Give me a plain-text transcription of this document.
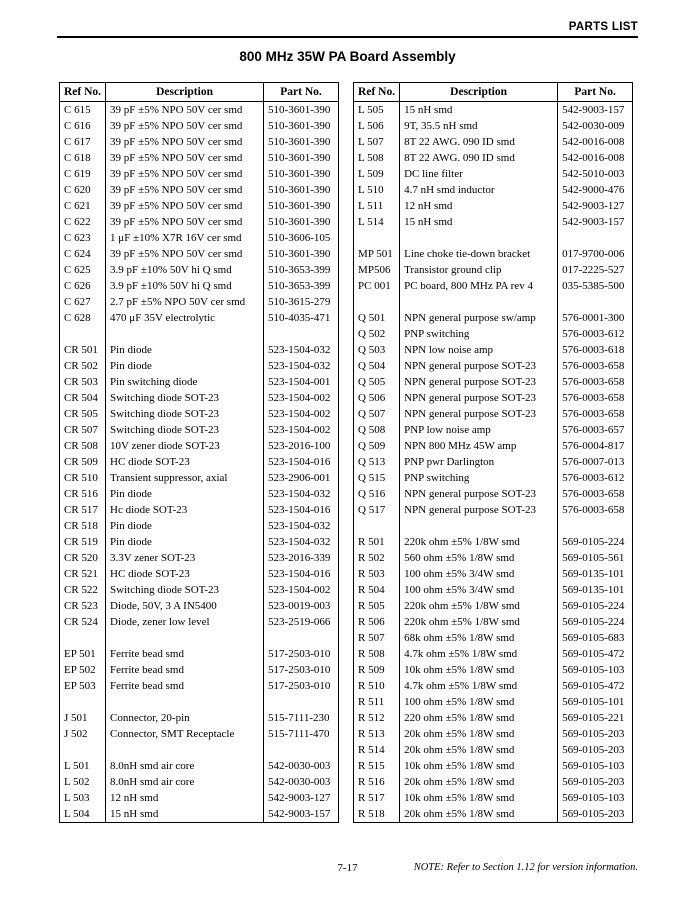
PARTS LIST
800 MHz 35W PA Board Assembly
Ref No.	Description	Part No.
C 615	39 pF ±5% NPO 50V cer smd	510-3601-390
C 616	39 pF ±5% NPO 50V cer smd	510-3601-390
C 617	39 pF ±5% NPO 50V cer smd	510-3601-390
C 618	39 pF ±5% NPO 50V cer smd	510-3601-390
C 619	39 pF ±5% NPO 50V cer smd	510-3601-390
C 620	39 pF ±5% NPO 50V cer smd	510-3601-390
C 621	39 pF ±5% NPO 50V cer smd	510-3601-390
C 622	39 pF ±5% NPO 50V cer smd	510-3601-390
C 623	1 μF ±10% X7R 16V cer smd	510-3606-105
C 624	39 pF ±5% NPO 50V cer smd	510-3601-390
C 625	3.9 pF ±10% 50V hi Q smd	510-3653-399
C 626	3.9 pF ±10% 50V hi Q smd	510-3653-399
C 627	2.7 pF ±5% NPO 50V cer smd	510-3615-279
C 628	470 μF 35V electrolytic	510-4035-471

CR 501	Pin diode	523-1504-032
CR 502	Pin diode	523-1504-032
CR 503	Pin switching diode	523-1504-001
CR 504	Switching diode SOT-23	523-1504-002
CR 505	Switching diode SOT-23	523-1504-002
CR 507	Switching diode SOT-23	523-1504-002
CR 508	10V zener diode SOT-23	523-2016-100
CR 509	HC diode SOT-23	523-1504-016
CR 510	Transient suppressor, axial	523-2906-001
CR 516	Pin diode	523-1504-032
CR 517	Hc diode SOT-23	523-1504-016
CR 518	Pin diode	523-1504-032
CR 519	Pin diode	523-1504-032
CR 520	3.3V zener SOT-23	523-2016-339
CR 521	HC diode SOT-23	523-1504-016
CR 522	Switching diode SOT-23	523-1504-002
CR 523	Diode, 50V, 3 A IN5400	523-0019-003
CR 524	Diode, zener low level	523-2519-066

EP 501	Ferrite bead smd	517-2503-010
EP 502	Ferrite bead smd	517-2503-010
EP 503	Ferrite bead smd	517-2503-010

J 501	Connector, 20-pin	515-7111-230
J 502	Connector, SMT Receptacle	515-7111-470

L 501	8.0nH smd air core	542-0030-003
L 502	8.0nH smd air core	542-0030-003
L 503	12 nH smd	542-9003-127
L 504	15 nH smd	542-9003-157
Ref No.	Description	Part No.
L 505	15 nH smd	542-9003-157
L 506	9T, 35.5 nH smd	542-0030-009
L 507	8T 22 AWG. 090 ID smd	542-0016-008
L 508	8T 22 AWG. 090 ID smd	542-0016-008
L 509	DC line filter	542-5010-003
L 510	4.7 nH smd inductor	542-9000-476
L 511	12 nH smd	542-9003-127
L 514	15 nH smd	542-9003-157

MP 501	Line choke tie-down bracket	017-9700-006
MP506	Transistor ground clip	017-2225-527
PC 001	PC board, 800 MHz PA rev 4	035-5385-500

Q 501	NPN general purpose sw/amp	576-0001-300
Q 502	PNP switching	576-0003-612
Q 503	NPN low noise amp	576-0003-618
Q 504	NPN general purpose SOT-23	576-0003-658
Q 505	NPN general purpose SOT-23	576-0003-658
Q 506	NPN general purpose SOT-23	576-0003-658
Q 507	NPN general purpose SOT-23	576-0003-658
Q 508	PNP low noise amp	576-0003-657
Q 509	NPN 800 MHz 45W amp	576-0004-817
Q 513	PNP pwr Darlington	576-0007-013
Q 515	PNP switching	576-0003-612
Q 516	NPN general purpose SOT-23	576-0003-658
Q 517	NPN general purpose SOT-23	576-0003-658

R 501	220k ohm ±5% 1/8W smd	569-0105-224
R 502	560 ohm ±5% 1/8W smd	569-0105-561
R 503	100 ohm ±5% 3/4W smd	569-0135-101
R 504	100 ohm ±5% 3/4W smd	569-0135-101
R 505	220k ohm ±5% 1/8W smd	569-0105-224
R 506	220k ohm ±5% 1/8W smd	569-0105-224
R 507	68k ohm ±5% 1/8W smd	569-0105-683
R 508	4.7k ohm ±5% 1/8W smd	569-0105-472
R 509	10k ohm ±5% 1/8W smd	569-0105-103
R 510	4.7k ohm ±5% 1/8W smd	569-0105-472
R 511	100 ohm ±5% 1/8W smd	569-0105-101
R 512	220 ohm ±5% 1/8W smd	569-0105-221
R 513	20k ohm ±5% 1/8W smd	569-0105-203
R 514	20k ohm ±5% 1/8W smd	569-0105-203
R 515	10k ohm ±5% 1/8W smd	569-0105-103
R 516	20k ohm ±5% 1/8W smd	569-0105-203
R 517	10k ohm ±5% 1/8W smd	569-0105-103
R 518	20k ohm ±5% 1/8W smd	569-0105-203
7-17	NOTE: Refer to Section 1.12 for version information.
